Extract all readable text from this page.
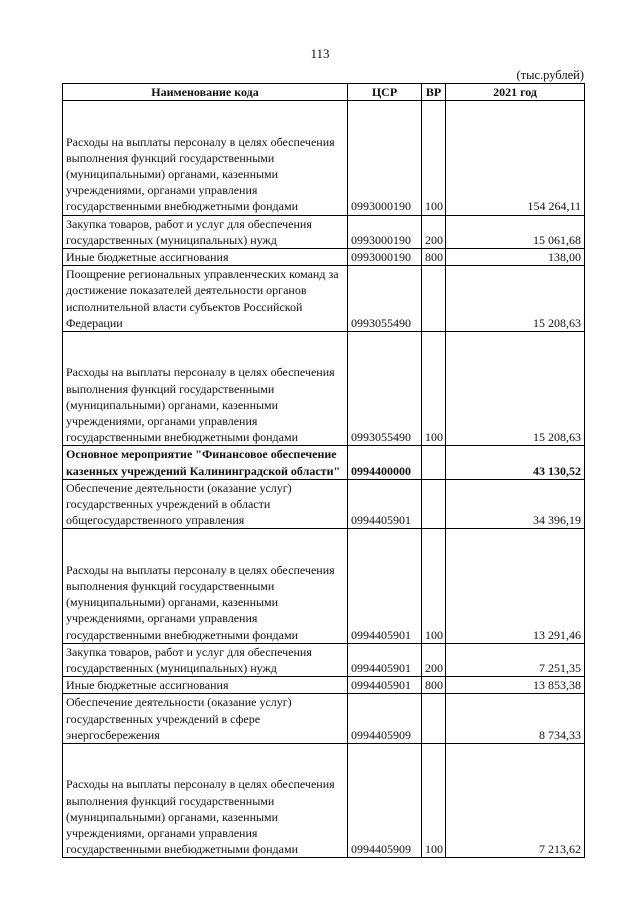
113
(тыс.рублей)
Наименование кода	ЦСР	ВР	2021 год

Расходы на выплаты персоналу в целях обеспечения выполнения функций государственными (муниципальными) органами, казенными учреждениями, органами управления государственными внебюджетными фондами	0993000190	100	154 264,11
Закупка товаров, работ и услуг для обеспечения государственных (муниципальных) нужд	0993000190	200	15 061,68
Иные бюджетные ассигнования	0993000190	800	138,00
Поощрение региональных управленческих команд за достижение показателей деятельности органов исполнительной власти субъектов Российской Федерации	0993055490		15 208,63

Расходы на выплаты персоналу в целях обеспечения выполнения функций государственными (муниципальными) органами, казенными учреждениями, органами управления государственными внебюджетными фондами	0993055490	100	15 208,63
Основное мероприятие "Финансовое обеспечение казенных учреждений Калининградской области"	0994400000		43 130,52
Обеспечение деятельности (оказание услуг) государственных учреждений в области общегосударственного управления	0994405901		34 396,19

Расходы на выплаты персоналу в целях обеспечения выполнения функций государственными (муниципальными) органами, казенными учреждениями, органами управления государственными внебюджетными фондами	0994405901	100	13 291,46
Закупка товаров, работ и услуг для обеспечения государственных (муниципальных) нужд	0994405901	200	7 251,35
Иные бюджетные ассигнования	0994405901	800	13 853,38
Обеспечение деятельности (оказание услуг) государственных учреждений в сфере энергосбережения	0994405909		8 734,33

Расходы на выплаты персоналу в целях обеспечения выполнения функций государственными (муниципальными) органами, казенными учреждениями, органами управления государственными внебюджетными фондами	0994405909	100	7 213,62
